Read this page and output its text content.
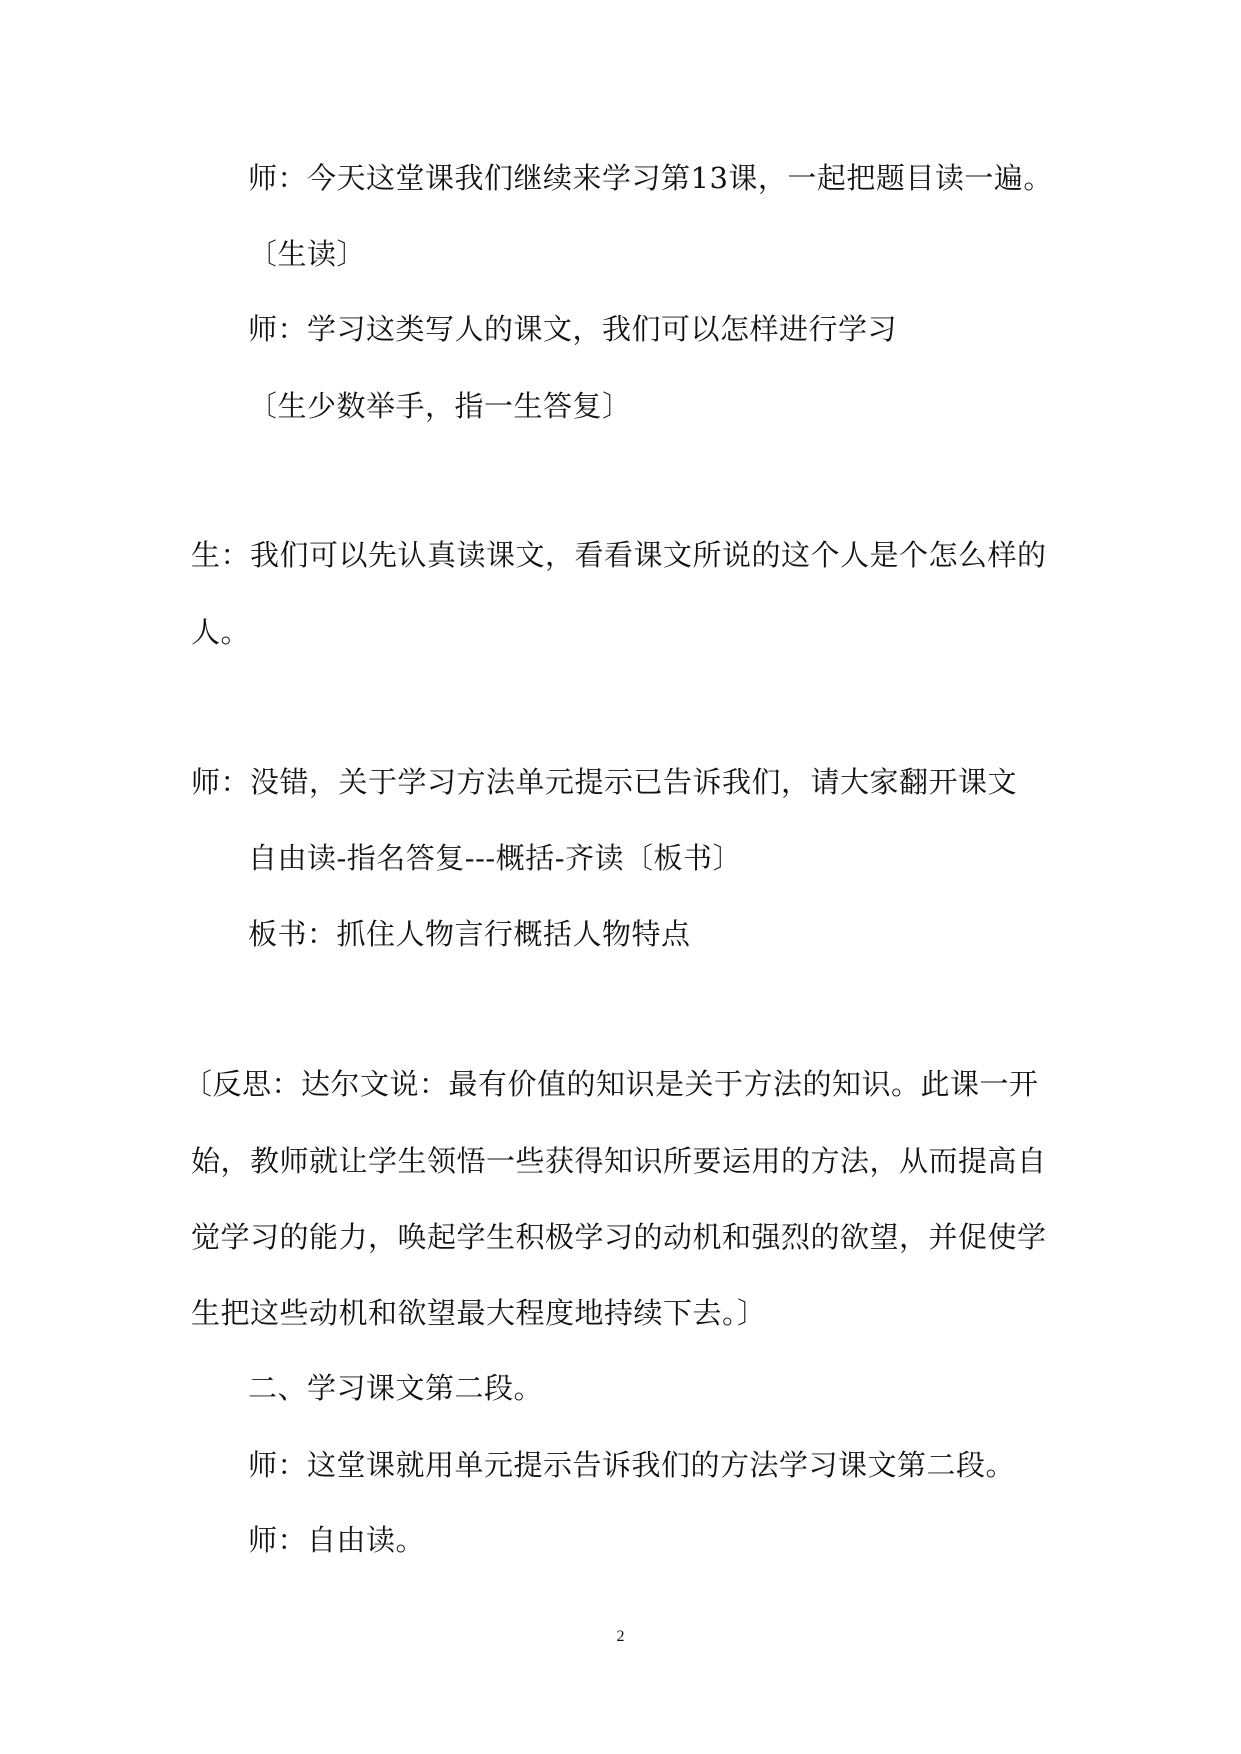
师：今天这堂课我们继续来学习第13课，一起把题目读一遍。
〔生读〕
师：学习这类写人的课文，我们可以怎样进行学习
〔生少数举手，指一生答复〕
生：我们可以先认真读课文，看看课文所说的这个人是个怎么样的
人。
师：没错，关于学习方法单元提示已告诉我们，请大家翻开课文
自由读-指名答复---概括-齐读〔板书〕
板书：抓住人物言行概括人物特点
〔反思：达尔文说：最有价值的知识是关于方法的知识。此课一开
始，教师就让学生领悟一些获得知识所要运用的方法，从而提高自
觉学习的能力，唤起学生积极学习的动机和强烈的欲望，并促使学
生把这些动机和欲望最大程度地持续下去。〕
二、学习课文第二段。
师：这堂课就用单元提示告诉我们的方法学习课文第二段。
师：自由读。
2
